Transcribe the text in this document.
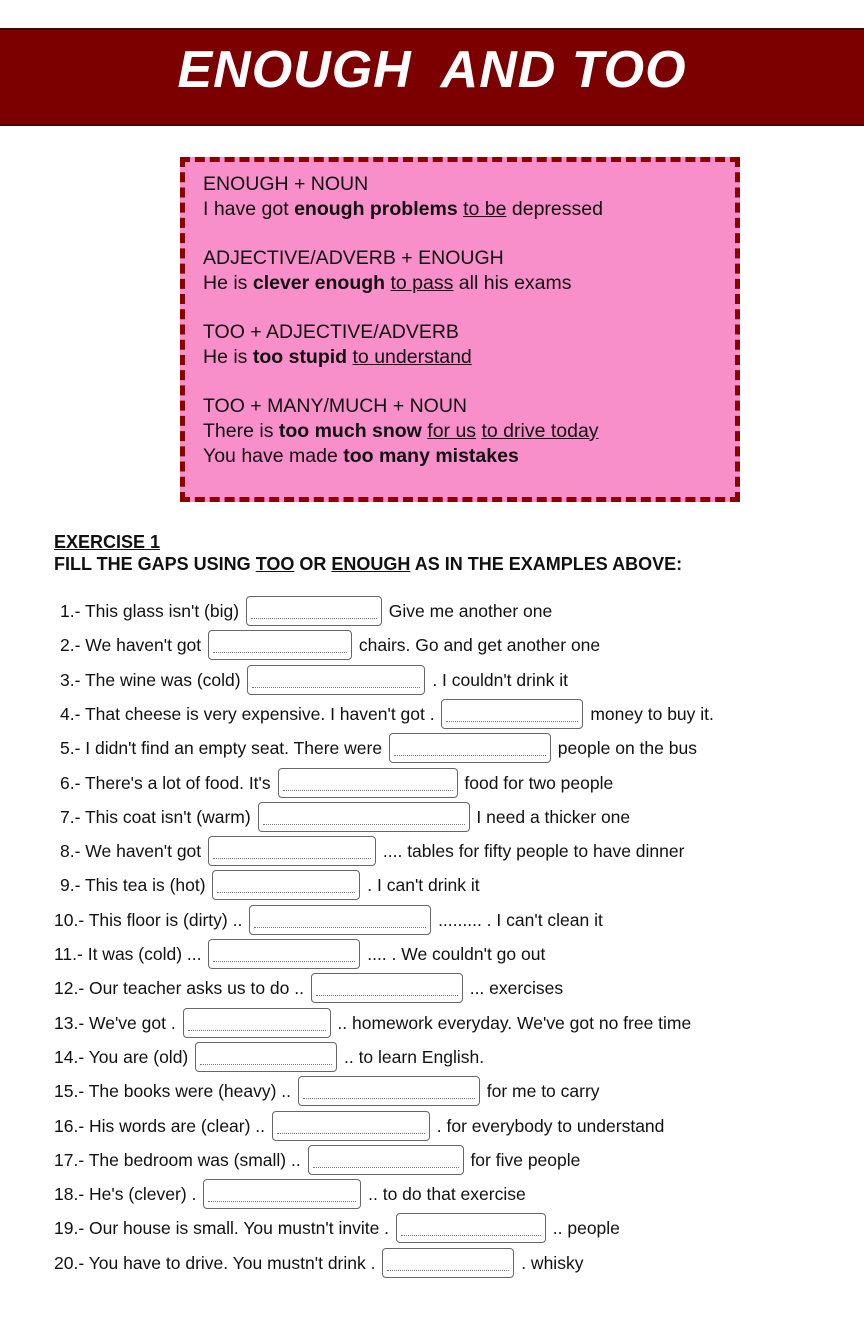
ENOUGH  AND TOO
ENOUGH + NOUN
I have got enough problems to be depressed
ADJECTIVE/ADVERB + ENOUGH
He is clever enough to pass all his exams
TOO + ADJECTIVE/ADVERB
He is too stupid to understand
TOO + MANY/MUCH + NOUN
There is too much snow for us to drive today
You have made too many mistakes
EXERCISE 1
FILL THE GAPS USING TOO OR ENOUGH AS IN THE EXAMPLES ABOVE:
1.- This glass isn't (big)	Give me another one
2.- We haven't got	chairs. Go and get another one
3.- The wine was (cold)	. I couldn't drink it
4.- That cheese is very expensive. I haven't got .	money to buy it.
5.- I didn't find an empty seat. There were	people on the bus
6.- There's a lot of food. It's	food for two people
7.- This coat isn't (warm)	I need a thicker one
8.- We haven't got	.... tables for fifty people to have dinner
9.- This tea is (hot)	. I can't drink it
10.- This floor is (dirty) ..	......... . I can't clean it
11.- It was (cold) ...	.... . We couldn't go out
12.- Our teacher asks us to do ..	... exercises
13.- We've got .	.. homework everyday. We've got no free time
14.- You are (old)	.. to learn English.
15.- The books were (heavy) ..	for me to carry
16.- His words are (clear) ..	. for everybody to understand
17.- The bedroom was (small) ..	for five people
18.- He's (clever) .	.. to do that exercise
19.- Our house is small. You mustn't invite .	.. people
20.- You have to drive. You mustn't drink .	. whisky
